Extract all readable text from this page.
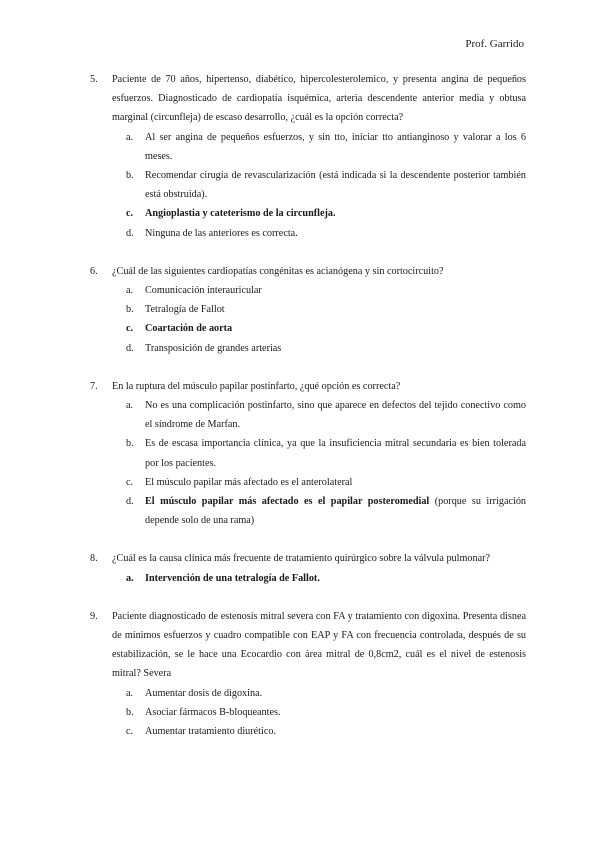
Prof. Garrido
5. Paciente de 70 años, hipertenso, diabético, hipercolesterolemico, y presenta angina de pequeños esfuerzos. Diagnosticado de cardiopatía isquémica, arteria descendente anterior media y obtusa marginal (circunfleja) de escaso desarrollo, ¿cuál es la opción correcta?
a. Al ser angina de pequeños esfuerzos, y sin tto, iniciar tto antianginoso y valorar a los 6 meses.
b. Recomendar cirugía de revascularización (está indicada si la descendente posterior también está obstruida).
c. Angioplastia y cateterismo de la circunfleja.
d. Ninguna de las anteriores es correcta.
6. ¿Cuál de las siguientes cardiopatías congénitas es acianógena y sin cortocircuito?
a. Comunicación interauricular
b. Tetralogía de Fallot
c. Coartación de aorta
d. Transposición de grandes arterias
7. En la ruptura del músculo papilar postinfarto, ¿qué opción es correcta?
a. No es una complicación postinfarto, sino que aparece en defectos del tejido conectivo como el síndrome de Marfan.
b. Es de escasa importancia clínica, ya que la insuficiencia mitral secundaria es bien tolerada por los pacientes.
c. El músculo papilar más afectado es el anterolateral
d. El músculo papilar más afectado es el papilar posteromedial (porque su irrigación depende solo de una rama)
8. ¿Cuál es la causa clínica más frecuente de tratamiento quirúrgico sobre la válvula pulmonar?
a. Intervención de una tetralogía de Fallot.
9. Paciente diagnosticado de estenosis mitral severa con FA y tratamiento con digoxina. Presenta disnea de mínimos esfuerzos y cuadro compatible con EAP y FA con frecuencia controlada, después de su estabilización, se le hace una Ecocardio con área mitral de 0,8cm2, cuál es el nivel de estenosis mitral? Severa
a. Aumentar dosis de digoxina.
b. Asociar fármacos B-bloqueantes.
c. Aumentar tratamiento diurético.
